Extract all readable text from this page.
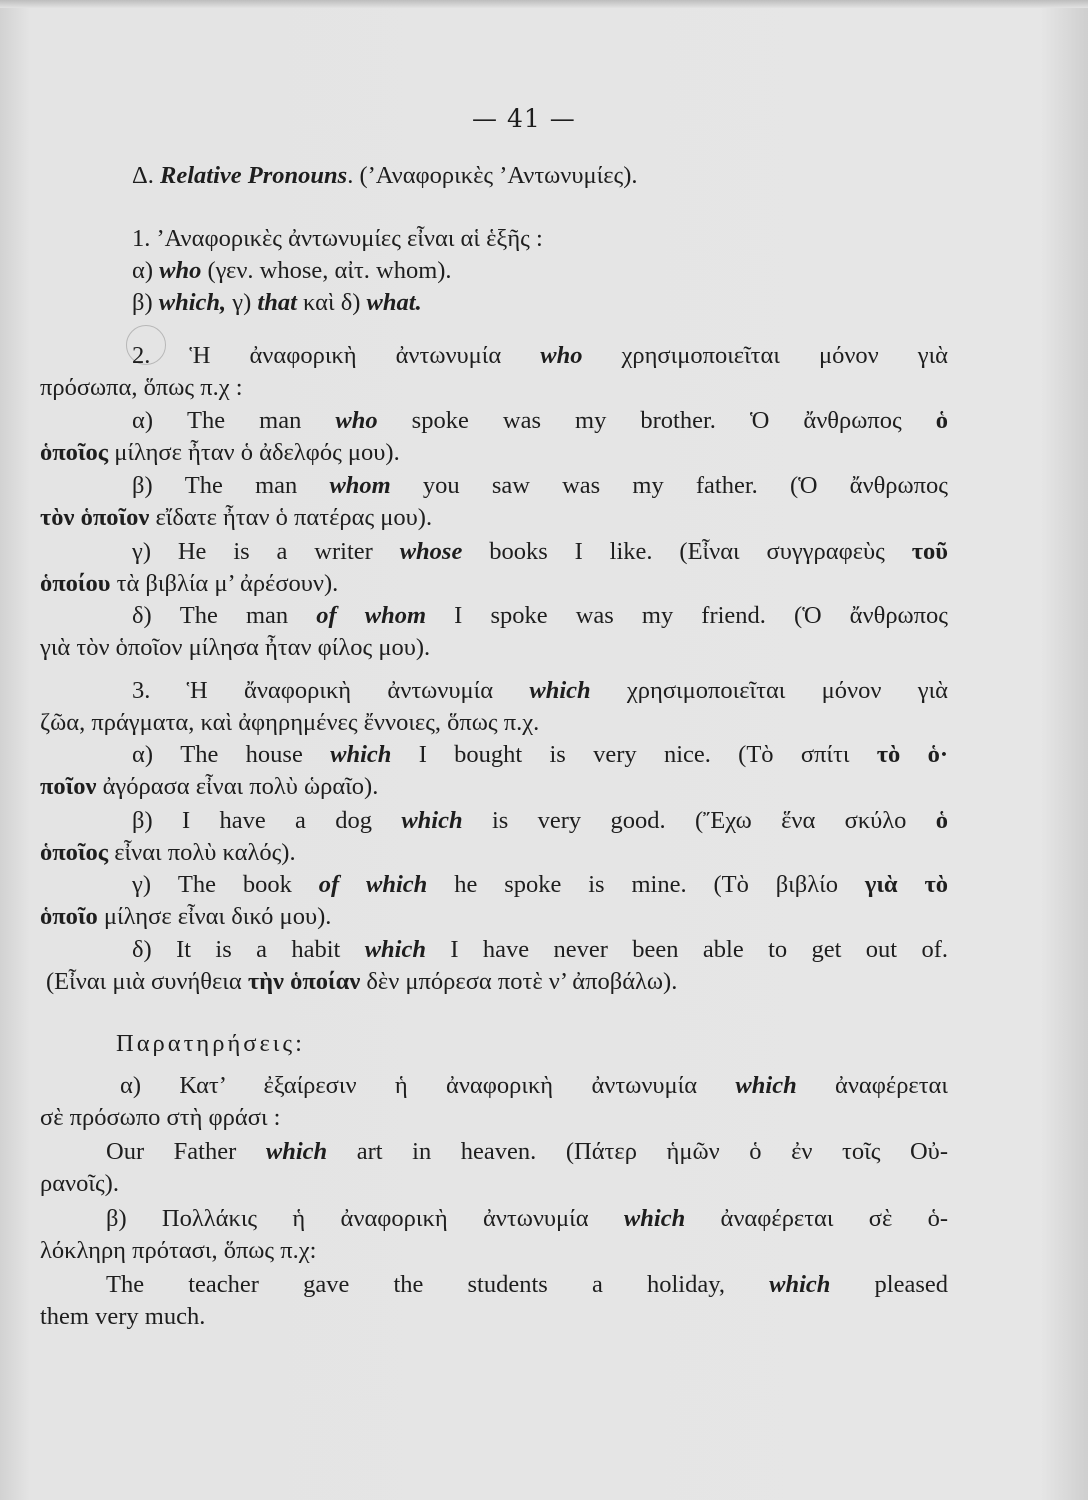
— 41 —
Δ. Relative Pronouns. (’Αναφορικὲς ’Αντωνυμίες).
1. ’Αναφορικὲς ἀντωνυμίες εἶναι αἱ ἑξῆς :
α) who (γεν. whose, αἰτ. whom).
β) which, γ) that καὶ δ) what.
2. Ἡ ἀναφορικὴ ἀντωνυμία who χρησιμοποιεῖται μόνον γιὰ
πρόσωπα, ὅπως π.χ :
α) The man who spoke was my brother. Ὁ ἄνθρωπος ὁ
ὁποῖος μίλησε ἦταν ὁ ἀδελφός μου).
β) The man whom you saw was my father. (Ὁ ἄνθρωπος
τὸν ὁποῖον εἴδατε ἦταν ὁ πατέρας μου).
γ) He is a writer whose books I like. (Εἶναι συγγραφεὺς τοῦ
ὁποίου τὰ βιβλία μ’ ἀρέσουν).
δ) The man of whom I spoke was my friend. (Ὁ ἄνθρωπος
γιὰ τὸν ὁποῖον μίλησα ἦταν φίλος μου).
3. Ἡ ἄναφορικὴ ἀντωνυμία which χρησιμοποιεῖται μόνον γιὰ
ζῶα, πράγματα, καὶ ἀφηρημένες ἔννοιες, ὅπως π.χ.
α) The house which I bought is very nice. (Τὸ σπίτι τὸ ὁ·
ποῖον ἀγόρασα εἶναι πολὺ ὡραῖο).
β) I have a dog which is very good. (Ἔχω ἕνα σκύλο ὁ
ὁποῖος εἶναι πολὺ καλός).
γ) The book of which he spoke is mine. (Τὸ βιβλίο γιὰ τὸ
ὁποῖο μίλησε εἶναι δικό μου).
δ) It is a habit which I have never been able to get out of.
(Εἶναι μιὰ συνήθεια τὴν ὁποίαν δὲν μπόρεσα ποτὲ ν’ ἀποβάλω).
Παρατηρήσεις:
α) Κατ’ ἐξαίρεσιν ἡ ἀναφορικὴ ἀντωνυμία which ἀναφέρεται
σὲ πρόσωπο στὴ φράσι :
Our Father which art in heaven. (Πάτερ ἡμῶν ὁ ἐν τοῖς Οὐ-
ρανοῖς).
β) Πολλάκις ἡ ἀναφορικὴ ἀντωνυμία which ἀναφέρεται σὲ ὁ-
λόκληρη πρότασι, ὅπως π.χ:
The teacher gave the students a holiday, which pleased
them very much.
